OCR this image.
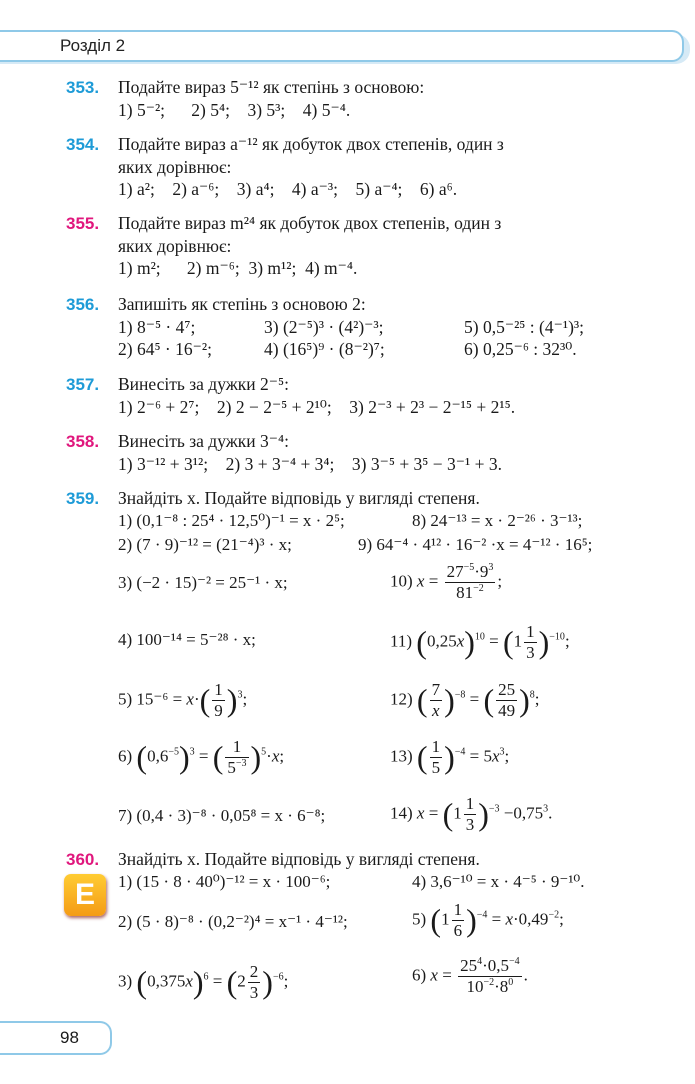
Розділ 2
353. Подайте вираз 5⁻¹² як степінь з основою:
1) 5⁻²;      2) 5⁴;    3) 5³;    4) 5⁻⁴.
354. Подайте вираз a⁻¹² як добуток двох степенів, один з
яких дорівнює:
1) a²;    2) a⁻⁶;    3) a⁴;    4) a⁻³;    5) a⁻⁴;    6) a⁶.
355. Подайте вираз m²⁴ як добуток двох степенів, один з
яких дорівнює:
1) m²;      2) m⁻⁶;  3) m¹²;  4) m⁻⁴.
356. Запишіть як степінь з основою 2:
1) 8⁻⁵ · 4⁷;	3) (2⁻⁵)³ · (4²)⁻³;	5) 0,5⁻²⁵ : (4⁻¹)³;
2) 64⁵ · 16⁻²;	4) (16⁵)⁹ · (8⁻²)⁷;	6) 0,25⁻⁶ : 32³⁰.
357. Винесіть за дужки 2⁻⁵:
1) 2⁻⁶ + 2⁷;    2) 2 − 2⁻⁵ + 2¹⁰;    3) 2⁻³ + 2³ − 2⁻¹⁵ + 2¹⁵.
358. Винесіть за дужки 3⁻⁴:
1) 3⁻¹² + 3¹²;    2) 3 + 3⁻⁴ + 3⁴;    3) 3⁻⁵ + 3⁵ − 3⁻¹ + 3.
359. Знайдіть x. Подайте відповідь у вигляді степеня.
1) (0,1⁻⁸ : 25⁴ · 12,5⁰)⁻¹ = x · 2⁵;	8) 24⁻¹³ = x · 2⁻²⁶ · 3⁻¹³;
2) (7 · 9)⁻¹² = (21⁻⁴)³ · x;	9) 64⁻⁴ · 4¹² · 16⁻² ·x = 4⁻¹² · 16⁵;
3) (−2 · 15)⁻² = 25⁻¹ · x;	10) $x = \frac{27^{-5}\cdot 9^3}{81^{-2}}$ ;
4) 100⁻¹⁴ = 5⁻²⁸ · x;	11) $(0,25x)^{10} = (1 \frac{1}{3} )^{-10}$;
5) $15^{-6} = x\cdot( \frac{1}{9} )^3$;	12) ( $\frac{7}{x} )^{-8}$ = ( $\frac{25}{49} )^8$;
6) $(0,6^{-5})^3$ = ( $\frac{1}{5^{-3}} )^5\cdot x$;	13) ( $\frac{1}{5} )^{-4} = 5x^3$;
7) (0,4 · 3)⁻⁸ · 0,05⁸ = x · 6⁻⁸;	14) $x = (1 \frac{1}{3} )^{-3} -0,75^3$.
360. Знайдіть x. Подайте відповідь у вигляді степеня.
Е	1) (15 · 8 · 40⁰)⁻¹² = x · 100⁻⁶;	4) 3,6⁻¹⁰ = x · 4⁻⁵ · 9⁻¹⁰.
2) (5 · 8)⁻⁸ · (0,2⁻²)⁴ = x⁻¹ · 4⁻¹²;	5) $(1 \frac{1}{6} )^{-4} = x\cdot 0,49^{-2}$;
3) $(0,375x)^6 = (2 \frac{2}{3} )^{-6}$;	6) $x = \frac{25^4\cdot 0,5^{-4}}{10^{-2}\cdot 8^0}$ .
98
